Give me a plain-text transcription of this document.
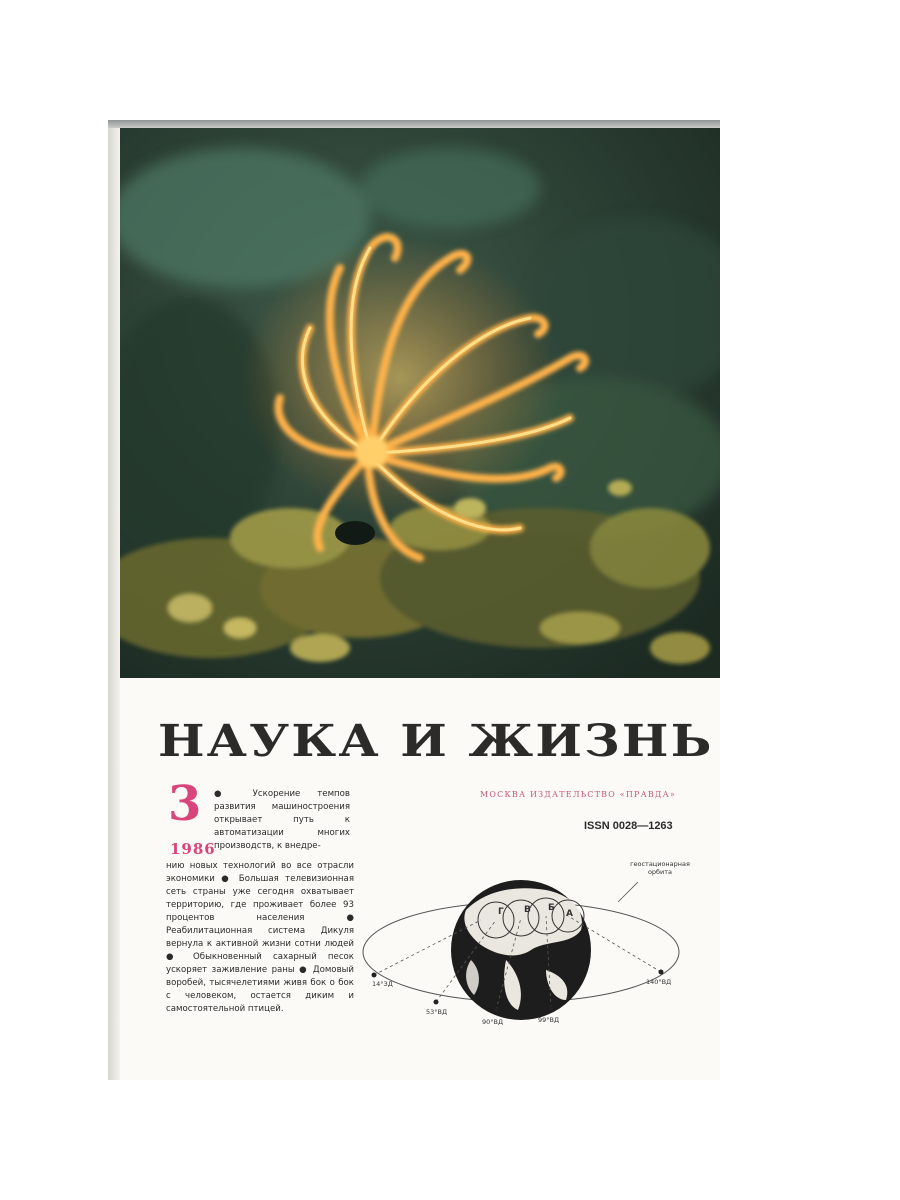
НАУКА И ЖИЗНЬ
3
1986
● Ускорение темпов развития машиностроения открывает путь к автоматизации многих производств, к внедре-
нию новых технологий во все отрасли экономики ● Большая телевизионная сеть страны уже сегодня охватывает территорию, где проживает более 93 процентов населения ● Реабилитационная система Дикуля вернула к активной жизни сотни людей ● Обыкновенный сахарный песок ускоряет заживление раны ● Домовый воробей, тысячелетиями живя бок о бок с человеком, остается диким и самостоятельной птицей.
МОСКВА ИЗДАТЕЛЬСТВО «ПРАВДА»
ISSN 0028—1263
Г В Б
А
геостационарная орбита
14°ЗД
53°ВД
90°ВД	99°ВД
140°ВД
